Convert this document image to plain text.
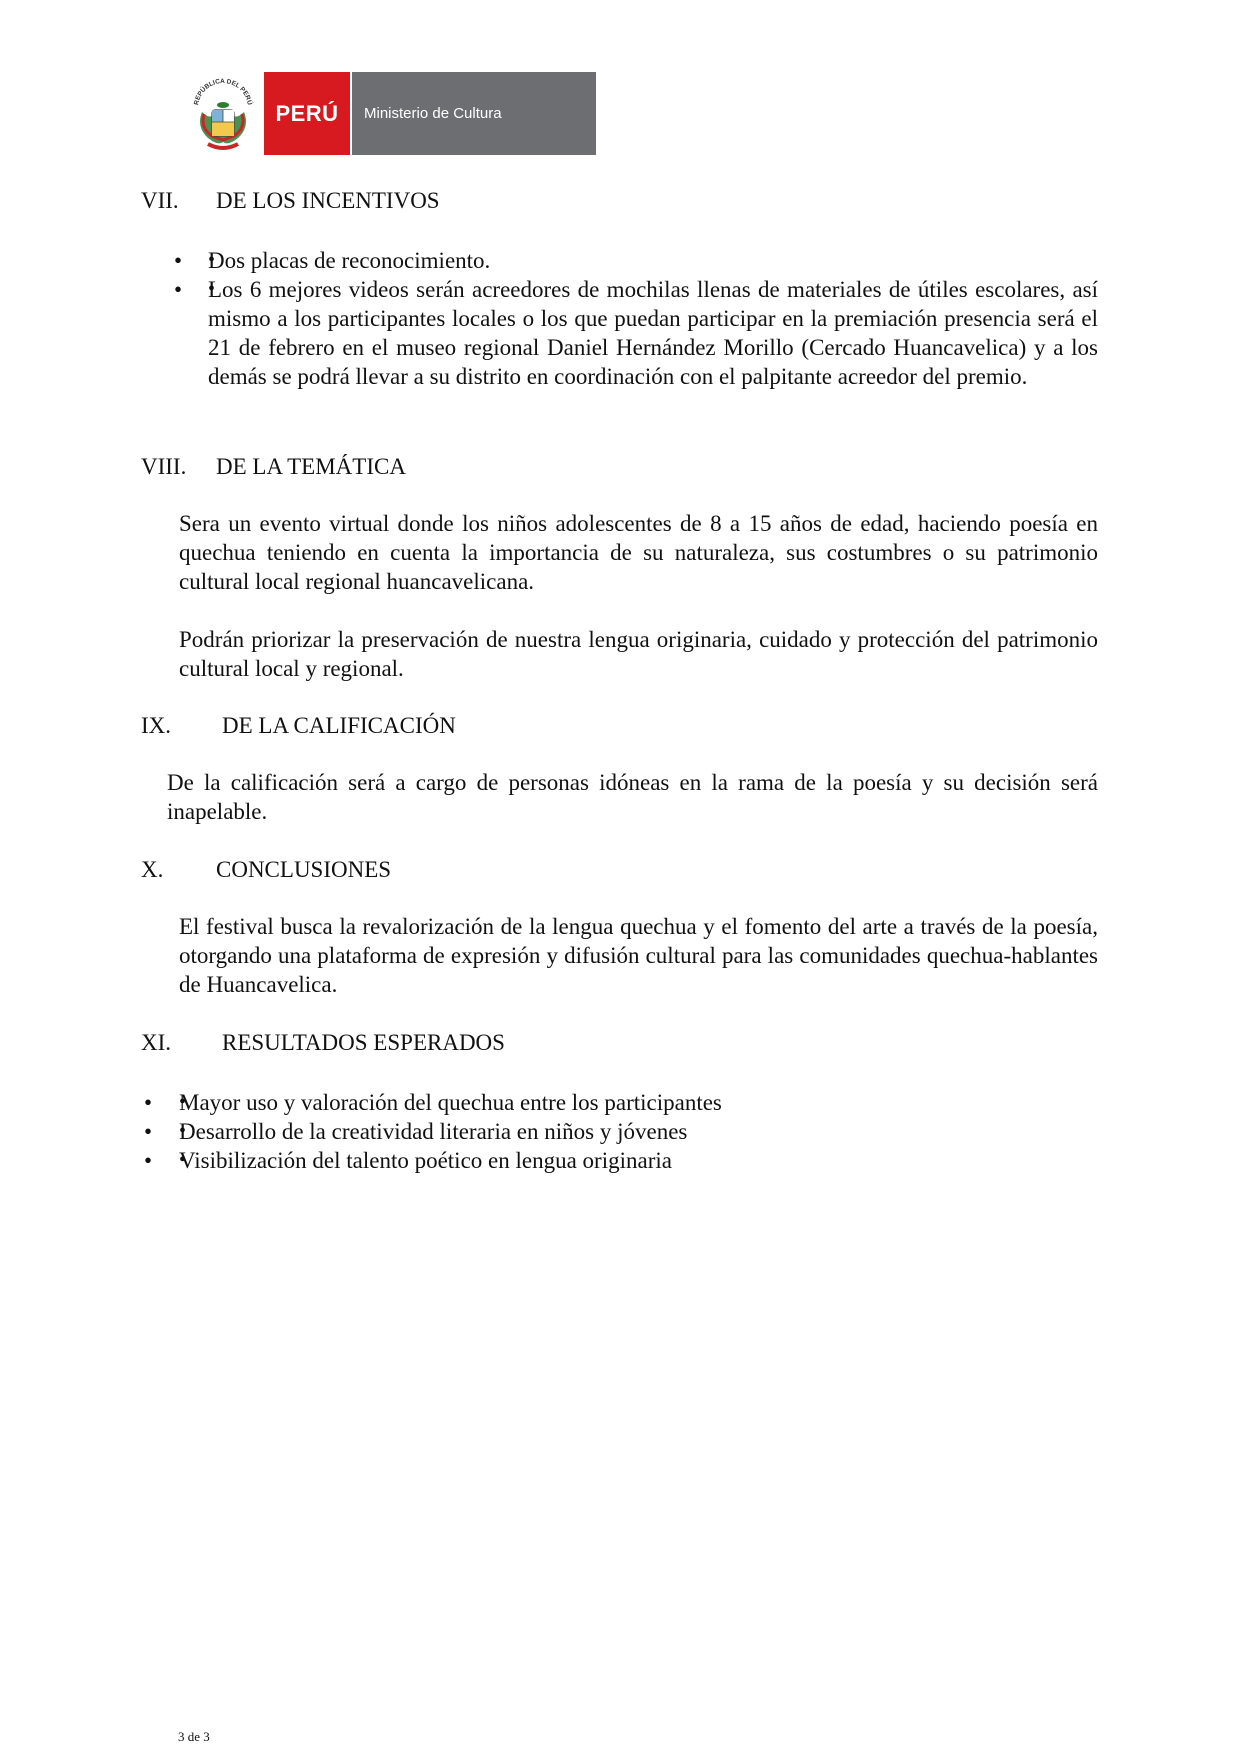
REPÚBLICA DEL PERÚ	PERÚ	Ministerio de Cultura
VII. DE LOS INCENTIVOS
• • Dos placas de reconocimiento.
• • Los 6 mejores videos serán acreedores de mochilas llenas de materiales de útiles escolares, así mismo a los participantes locales o los que puedan participar en la premiación presencia será el 21 de febrero en el museo regional Daniel Hernández Morillo (Cercado Huancavelica) y a los demás se podrá llevar a su distrito en coordinación con el palpitante acreedor del premio.
VIII. DE LA TEMÁTICA
Sera un evento virtual donde los niños adolescentes de 8 a 15 años de edad, haciendo poesía en quechua teniendo en cuenta la importancia de su naturaleza, sus costumbres o su patrimonio cultural local regional huancavelicana.
Podrán priorizar la preservación de nuestra lengua originaria, cuidado y protección del patrimonio cultural local y regional.
IX. DE LA CALIFICACIÓN
De la calificación será a cargo de personas idóneas en la rama de la poesía y su decisión será inapelable.
X. CONCLUSIONES
El festival busca la revalorización de la lengua quechua y el fomento del arte a través de la poesía, otorgando una plataforma de expresión y difusión cultural para las comunidades quechua-hablantes de Huancavelica.
XI. RESULTADOS ESPERADOS
• • Mayor uso y valoración del quechua entre los participantes
• • Desarrollo de la creatividad literaria en niños y jóvenes
• • Visibilización del talento poético en lengua originaria
3 de 3
